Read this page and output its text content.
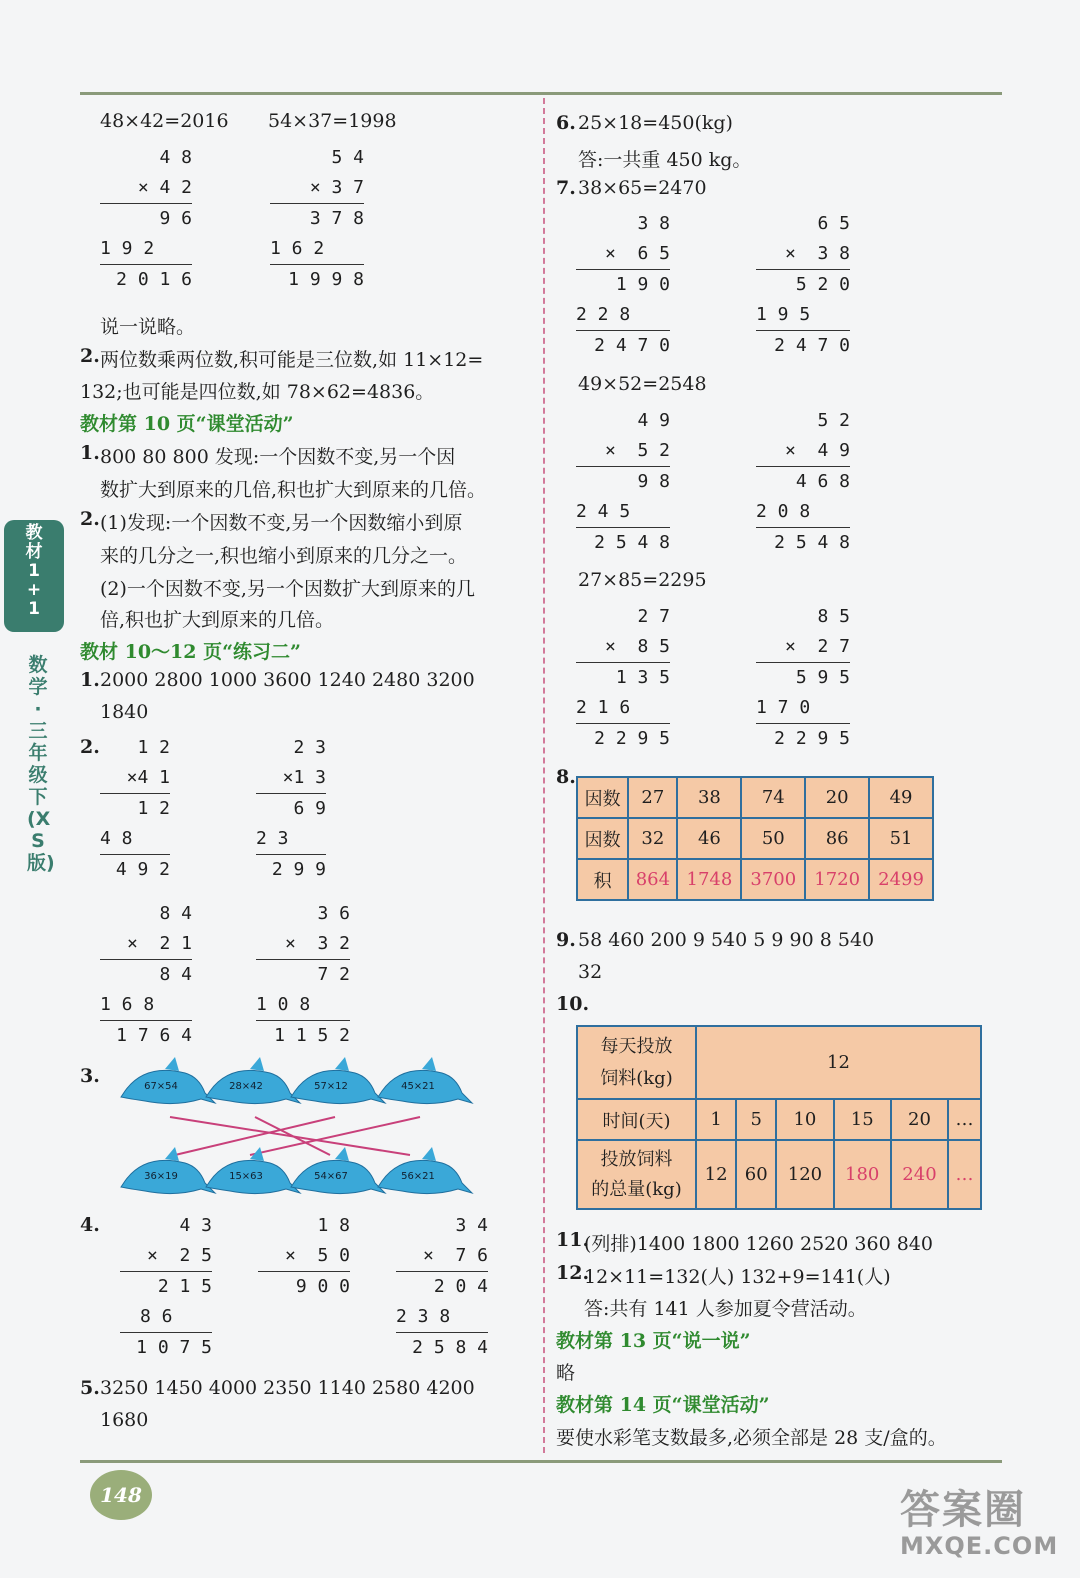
教材1+1
数学·三年级下(XS版)
48×42=2016 54×37=1998
4 8
× 4 2
9 6
1 9 2
2 0 1 6
5 4
× 3 7
3 7 8
1 6 2
1 9 9 8
说一说略。
2. 两位数乘两位数,积可能是三位数,如 11×12=
132;也可能是四位数,如 78×62=4836。
教材第 10 页“课堂活动”
1. 800 80 800 发现:一个因数不变,另一个因
数扩大到原来的几倍,积也扩大到原来的几倍。
2. (1)发现:一个因数不变,另一个因数缩小到原
来的几分之一,积也缩小到原来的几分之一。
(2)一个因数不变,另一个因数扩大到原来的几
倍,积也扩大到原来的几倍。
教材 10～12 页“练习二”
1. 2000 2800 1000 3600 1240 2480 3200
1840
2.	1 2
×4 1
1 2
4 8
4 9 2
2 3
×1 3
6 9
2 3
2 9 9
8 4
×  2 1
8 4
1 6 8
1 7 6 4
3 6
×  3 2
7 2
1 0 8
1 1 5 2
3.	67×54	28×42	57×12	45×21
36×19	15×63	54×67	56×21
4.	4 3
×  2 5
2 1 5
8 6
1 0 7 5
1 8
×  5 0
9 0 0
3 4
×  7 6
2 0 4
2 3 8
2 5 8 4
5. 3250 1450 4000 2350 1140 2580 4200
1680
6. 25×18=450(kg)
答:一共重 450 kg。
7. 38×65=2470
3 8
×  6 5
1 9 0
2 2 8
2 4 7 0
6 5
×  3 8
5 2 0
1 9 5
2 4 7 0
49×52=2548
4 9
×  5 2
9 8
2 4 5
2 5 4 8
5 2
×  4 9
4 6 8
2 0 8
2 5 4 8
27×85=2295
2 7
×  8 5
1 3 5
2 1 6
2 2 9 5
8 5
×  2 7
5 9 5
1 7 0
2 2 9 5
8.
因数	27	38	74	20	49
因数	32	46	50	86	51
积	864	1748	3700	1720	2499
9. 58 460 200 9 540 5 9 90 8 540
32
10.
每天投放
饲料(kg)	12					
时间(天)	1	5	10	15	20	…
投放饲料
的总量(kg)	12	60	120	180	240	…
11.
(列排)1400 1800 1260 2520 360 840
12.
12×11=132(人) 132+9=141(人)
答:共有 141 人参加夏令营活动。
教材第 13 页“说一说”
略
教材第 14 页“课堂活动”
要使水彩笔支数最多,必须全部是 28 支/盒的。
148	答案圈
MXQE.COM
